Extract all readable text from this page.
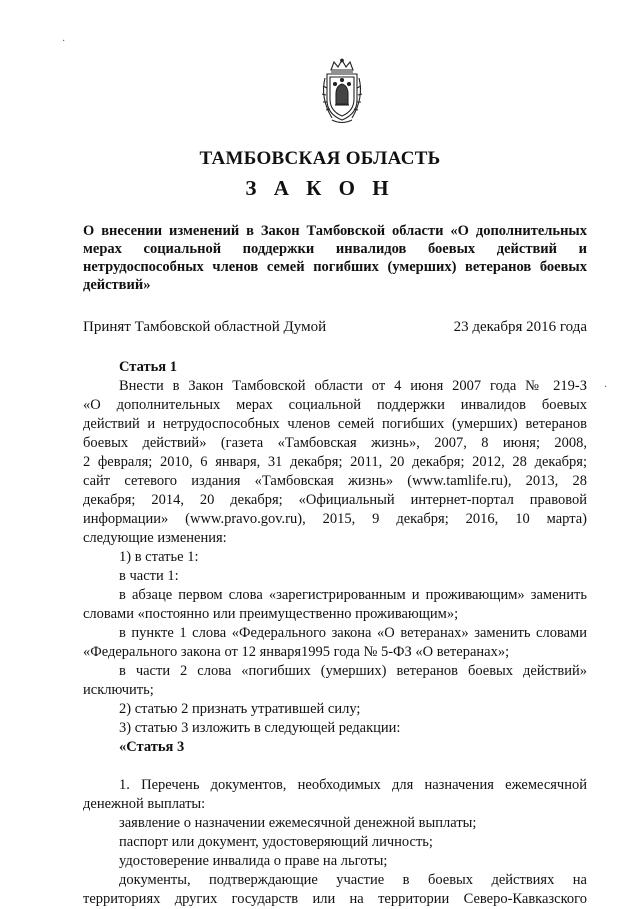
ТАМБОВСКАЯ ОБЛАСТЬ
З А К О Н

О внесении изменений в Закон Тамбовской области «О дополнительных
мерах социальной поддержки инвалидов боевых действий и
нетрудоспособных членов семей погибших (умерших) ветеранов боевых
действий»

Принят Тамбовской областной Думой	23 декабря 2016 года
Статья 1
Внести в Закон Тамбовской области от 4 июня 2007 года № 219-З
«О дополнительных мерах социальной поддержки инвалидов боевых
действий и нетрудоспособных членов семей погибших (умерших) ветеранов
боевых действий» (газета «Тамбовская жизнь», 2007, 8 июня; 2008,
2 февраля; 2010, 6 января, 31 декабря; 2011, 20 декабря; 2012, 28 декабря;
сайт сетевого издания «Тамбовская жизнь» (www.tamlife.ru), 2013, 28
декабря; 2014, 20 декабря; «Официальный интернет-портал правовой
информации» (www.pravo.gov.ru), 2015, 9 декабря; 2016, 10 марта)
следующие изменения:
1) в статье 1:
в части 1:
в абзаце первом слова «зарегистрированным и проживающим» заменить
словами «постоянно или преимущественно проживающим»;
в пункте 1 слова «Федерального закона «О ветеранах» заменить словами
«Федерального закона от 12 января1995 года № 5-ФЗ «О ветеранах»;
в части 2 слова «погибших (умерших) ветеранов боевых действий»
исключить;
2) статью 2 признать утратившей силу;
3) статью 3 изложить в следующей редакции:
«Статья 3
1. Перечень документов, необходимых для назначения ежемесячной
денежной выплаты:
заявление о назначении ежемесячной денежной выплаты;
паспорт или документ, удостоверяющий личность;
удостоверение инвалида о праве на льготы;
документы, подтверждающие участие в боевых действиях на
территориях других государств или на территории Северо-Кавказского
·
·
